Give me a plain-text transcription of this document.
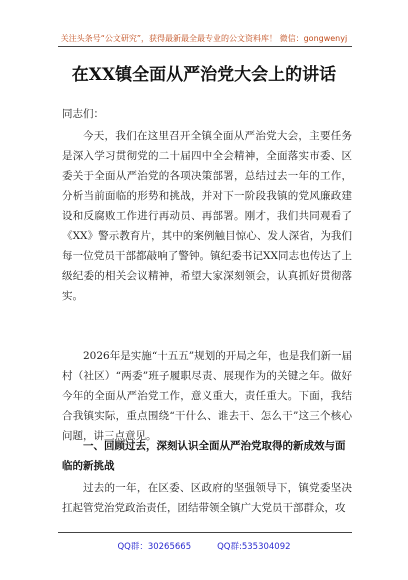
关注头条号“公文研究”，获得最新最全最专业的公文资料库！ 微信：gongwenyj
在XX镇全面从严治党大会上的讲话
同志们：
今天，我们在这里召开全镇全面从严治党大会，主要任务是深入学习贯彻党的二十届四中全会精神，全面落实市委、区委关于全面从严治党的各项决策部署，总结过去一年的工作，分析当前面临的形势和挑战，并对下一阶段我镇的党风廉政建设和反腐败工作进行再动员、再部署。刚才，我们共同观看了《XX》警示教育片，其中的案例触目惊心、发人深省，为我们每一位党员干部都敲响了警钟。镇纪委书记XX同志也传达了上级纪委的相关会议精神，希望大家深刻领会，认真抓好贯彻落实。
2026年是实施“十五五”规划的开局之年，也是我们新一届村（社区）“两委”班子履职尽责、展现作为的关键之年。做好今年的全面从严治党工作，意义重大，责任重大。下面，我结合我镇实际，重点围绕“干什么、谁去干、怎么干”这三个核心问题，讲三点意见。
一、回顾过去，深刻认识全面从严治党取得的新成效与面临的新挑战
过去的一年，在区委、区政府的坚强领导下，镇党委坚决扛起管党治党政治责任，团结带领全镇广大党员干部群众，攻
QQ群：30265665	QQ群:535304092
